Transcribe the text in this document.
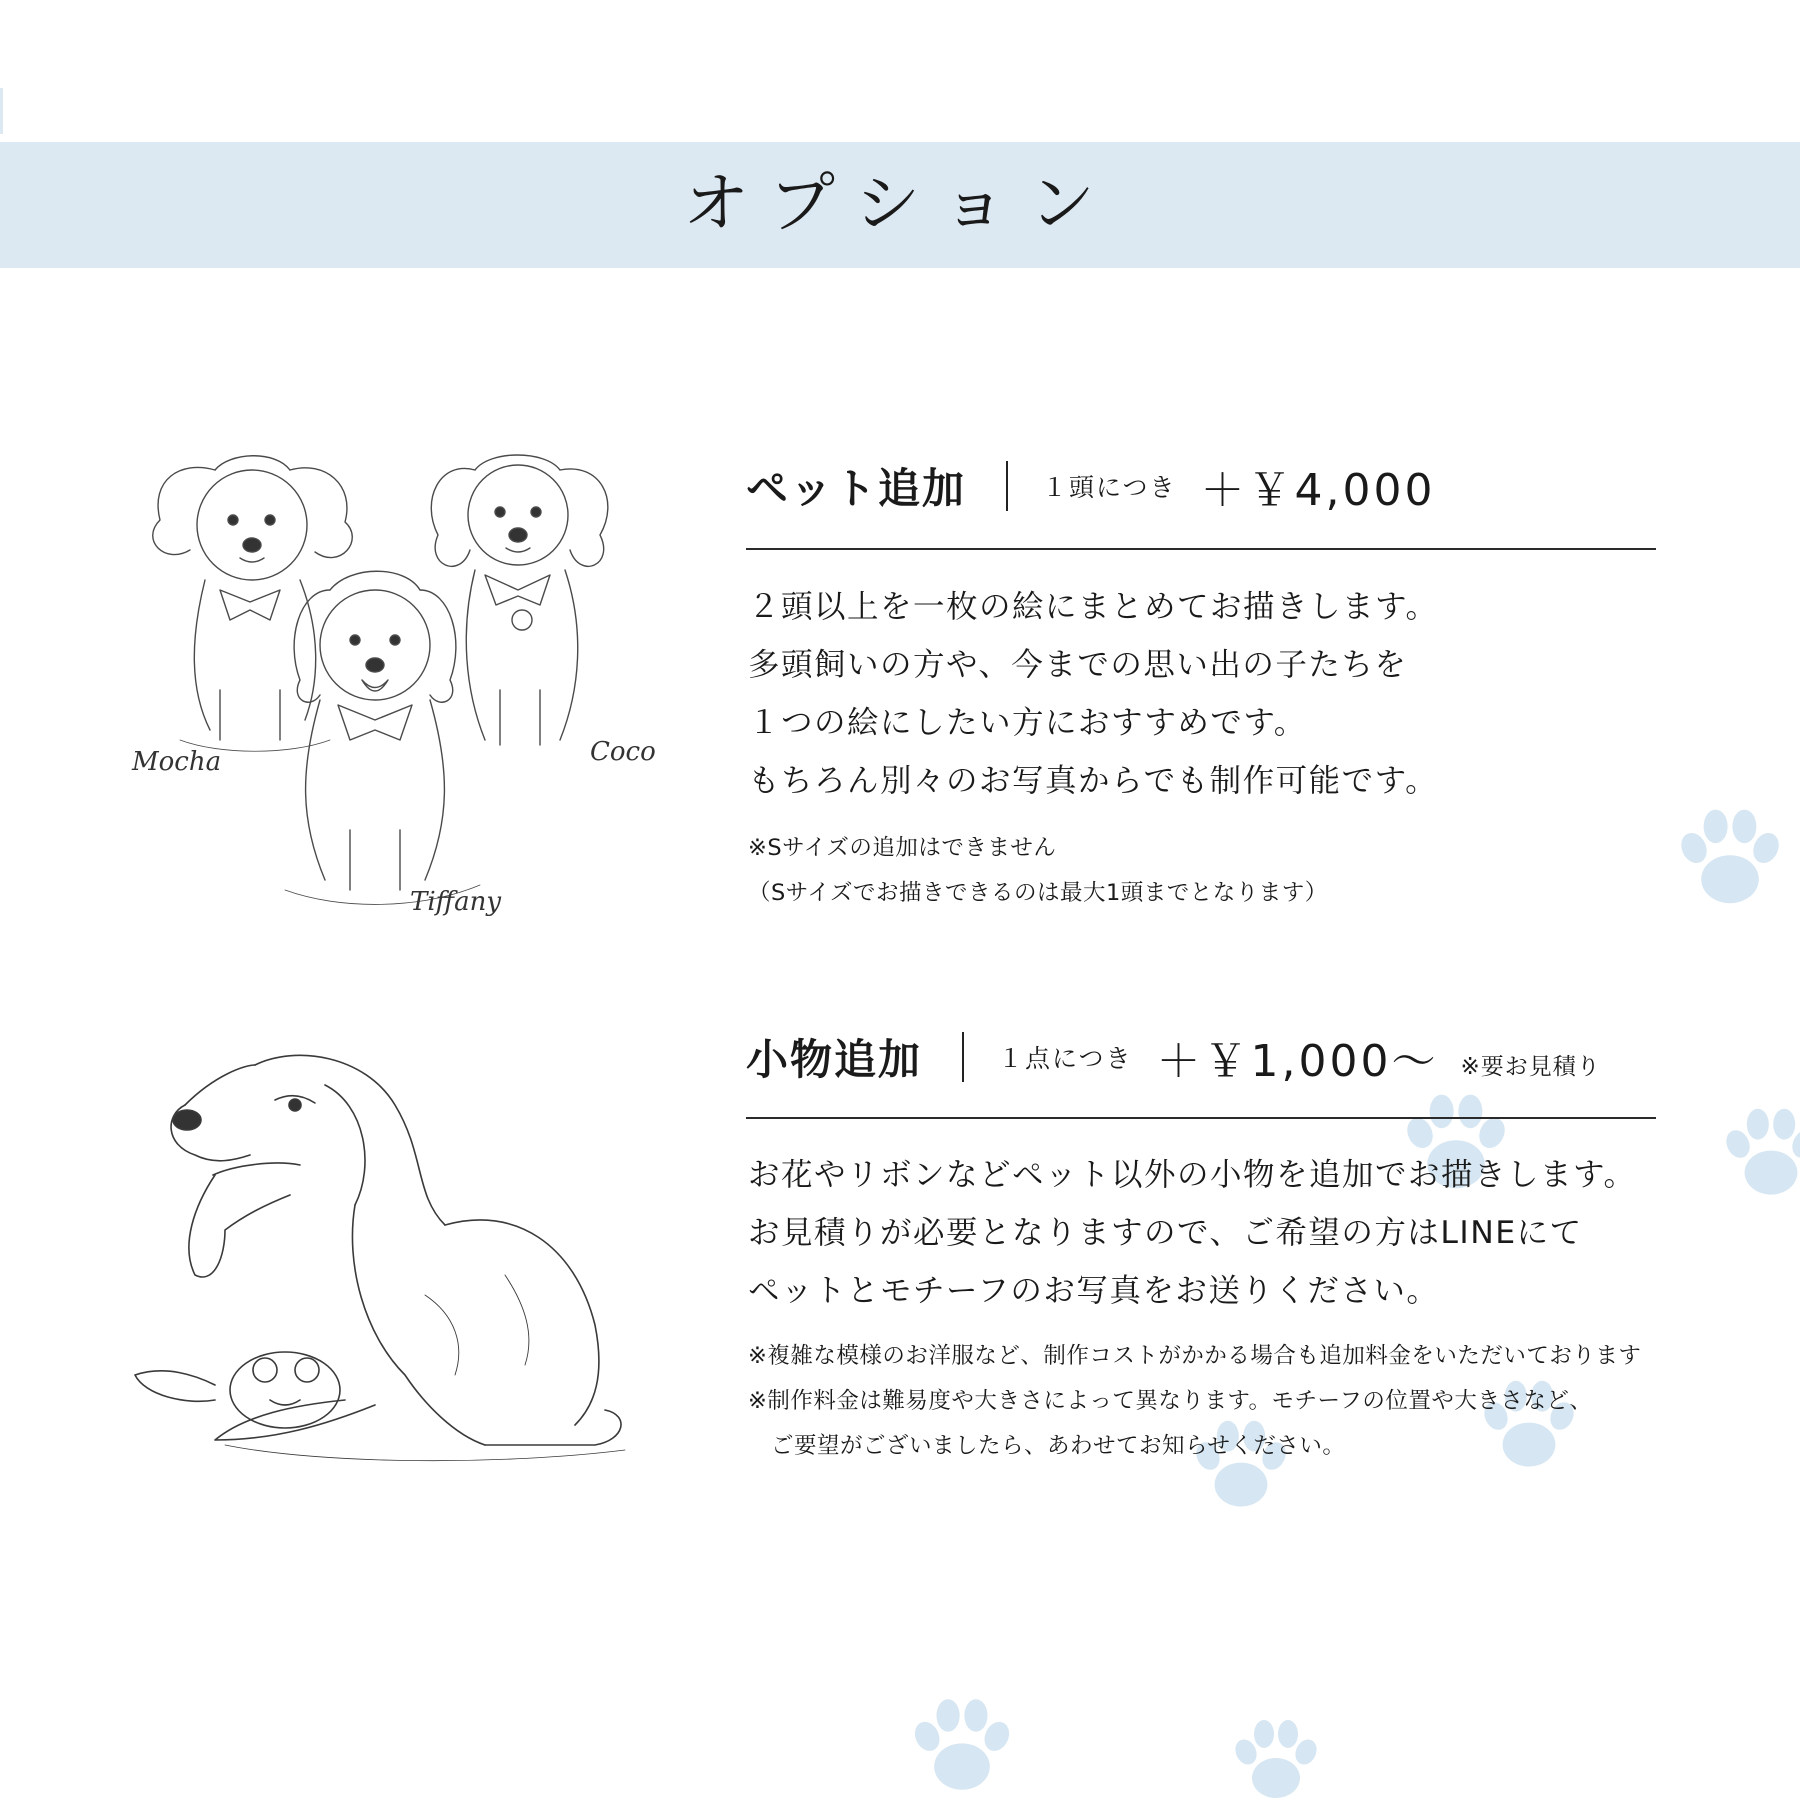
オプション
Mocha
Tiffany
Coco
ペット追加	１頭につき ＋￥4,000
２頭以上を一枚の絵にまとめてお描きします。
多頭飼いの方や、今までの思い出の子たちを
１つの絵にしたい方におすすめです。
もちろん別々のお写真からでも制作可能です。
※Sサイズの追加はできません
（Sサイズでお描きできるのは最大1頭までとなります）
小物追加	１点につき ＋￥1,000～ ※要お見積り
お花やリボンなどペット以外の小物を追加でお描きします。
お見積りが必要となりますので、ご希望の方はLINEにて
ペットとモチーフのお写真をお送りください。
※複雑な模様のお洋服など、制作コストがかかる場合も追加料金をいただいております
※制作料金は難易度や大きさによって異なります。モチーフの位置や大きさなど、
　ご要望がございましたら、あわせてお知らせください。
